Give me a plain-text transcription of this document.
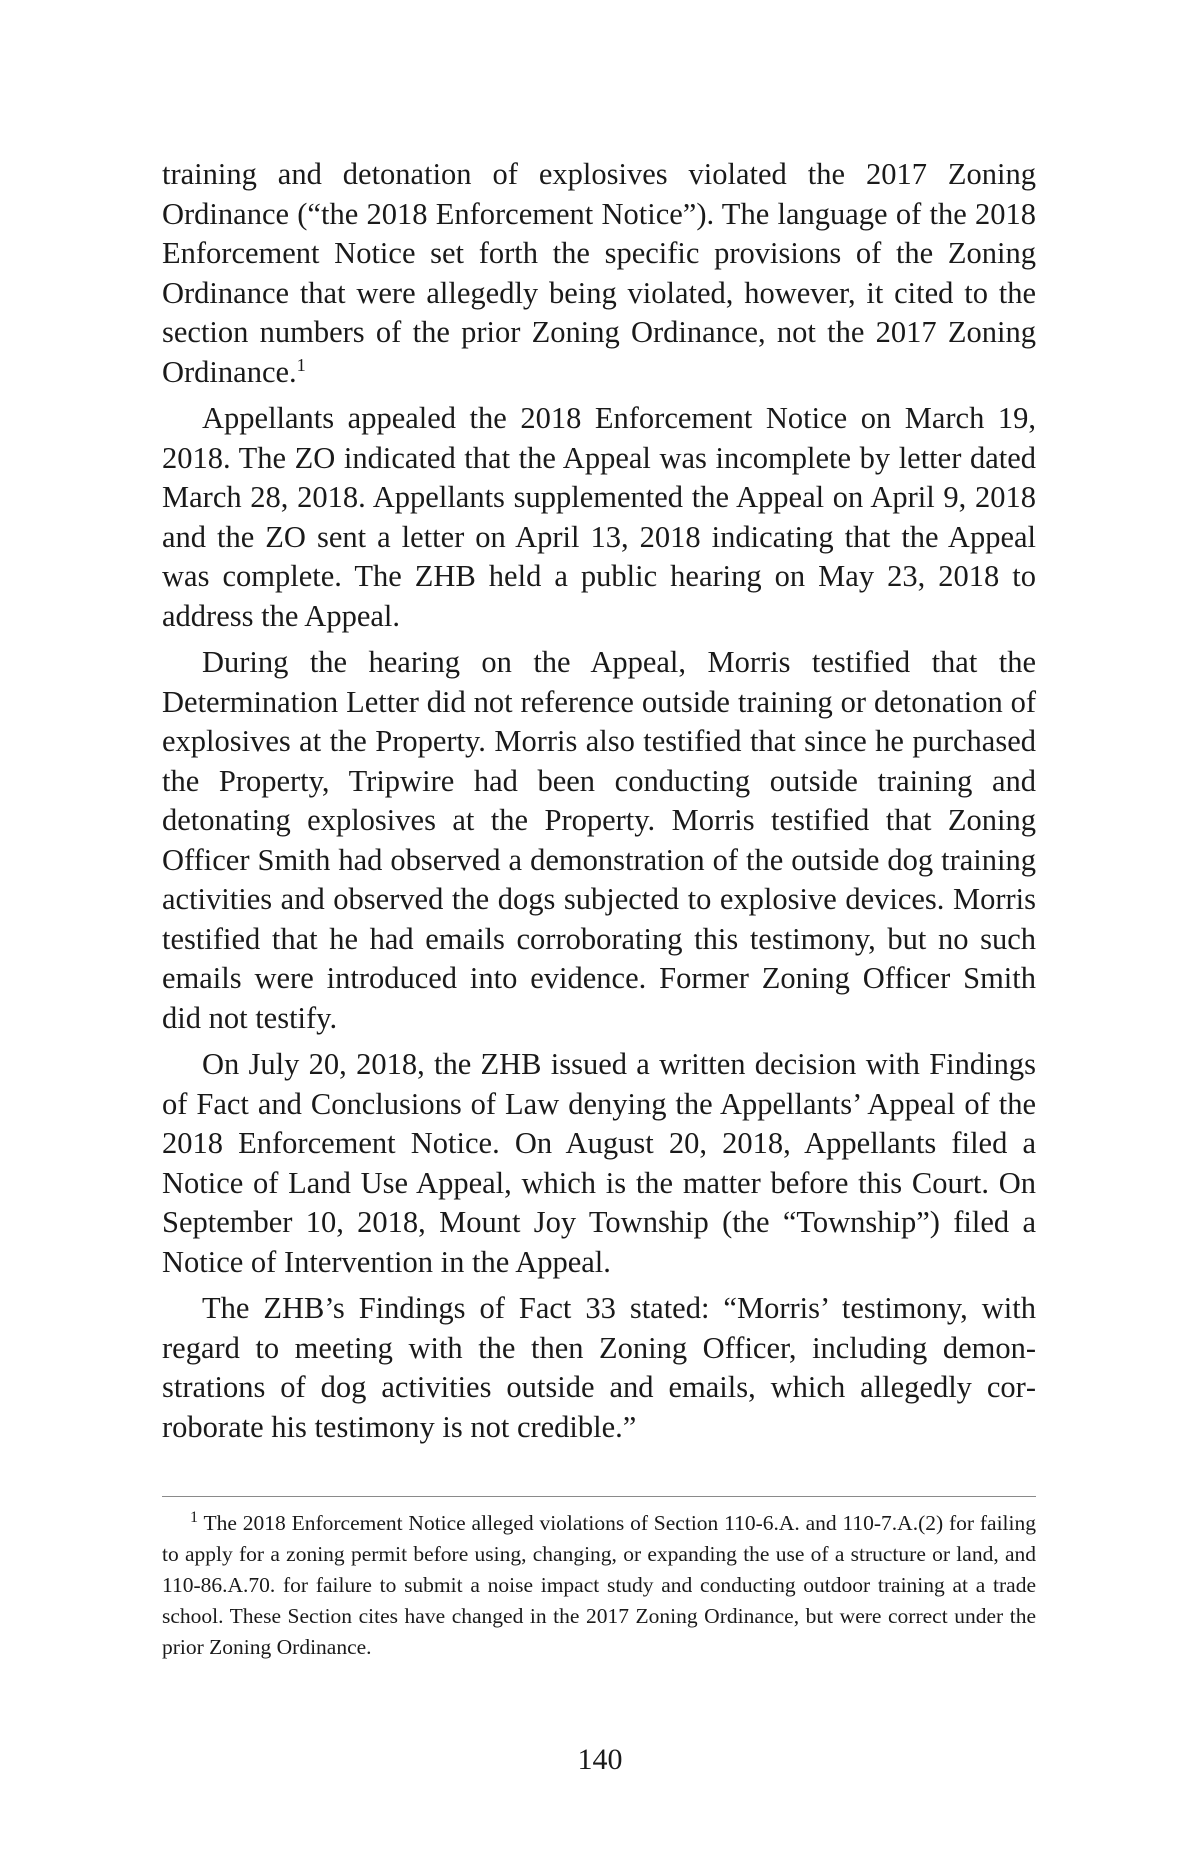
training and detonation of explosives violated the 2017 Zoning Ordinance (“the 2018 Enforcement Notice”). The language of the 2018 Enforcement Notice set forth the specific provisions of the Zoning Ordinance that were allegedly being violated, however, it cited to the section numbers of the prior Zoning Ordinance, not the 2017 Zoning Ordinance.$^1$

Appellants appealed the 2018 Enforcement Notice on March 19, 2018. The ZO indicated that the Appeal was incomplete by letter dated March 28, 2018. Appellants supplemented the Appeal on April 9, 2018 and the ZO sent a letter on April 13, 2018 indicating that the Appeal was complete. The ZHB held a public hearing on May 23, 2018 to address the Appeal.

During the hearing on the Appeal, Morris testified that the Determination Letter did not reference outside training or detonation of explosives at the Property. Morris also testified that since he purchased the Property, Tripwire had been conducting outside training and detonating explosives at the Property. Morris testified that Zoning Officer Smith had observed a demonstration of the outside dog training activities and observed the dogs subjected to explosive devices. Morris testified that he had emails corroborating this testimony, but no such emails were introduced into evidence. Former Zoning Officer Smith did not testify.

On July 20, 2018, the ZHB issued a written decision with Findings of Fact and Conclusions of Law denying the Appellants’ Appeal of the 2018 Enforcement Notice. On August 20, 2018, Appellants filed a Notice of Land Use Appeal, which is the matter before this Court. On September 10, 2018, Mount Joy Township (the “Township”) filed a Notice of Intervention in the Appeal.

The ZHB’s Findings of Fact 33 stated: “Morris’ testimony, with regard to meeting with the then Zoning Officer, including demonstrations of dog activities outside and emails, which allegedly corroborate his testimony is not credible.”

$^1$ The 2018 Enforcement Notice alleged violations of Section 110-6.A. and 110-7.A.(2) for failing to apply for a zoning permit before using, changing, or expanding the use of a structure or land, and 110-86.A.70. for failure to submit a noise impact study and conducting outdoor training at a trade school. These Section cites have changed in the 2017 Zoning Ordinance, but were correct under the prior Zoning Ordinance.

140
